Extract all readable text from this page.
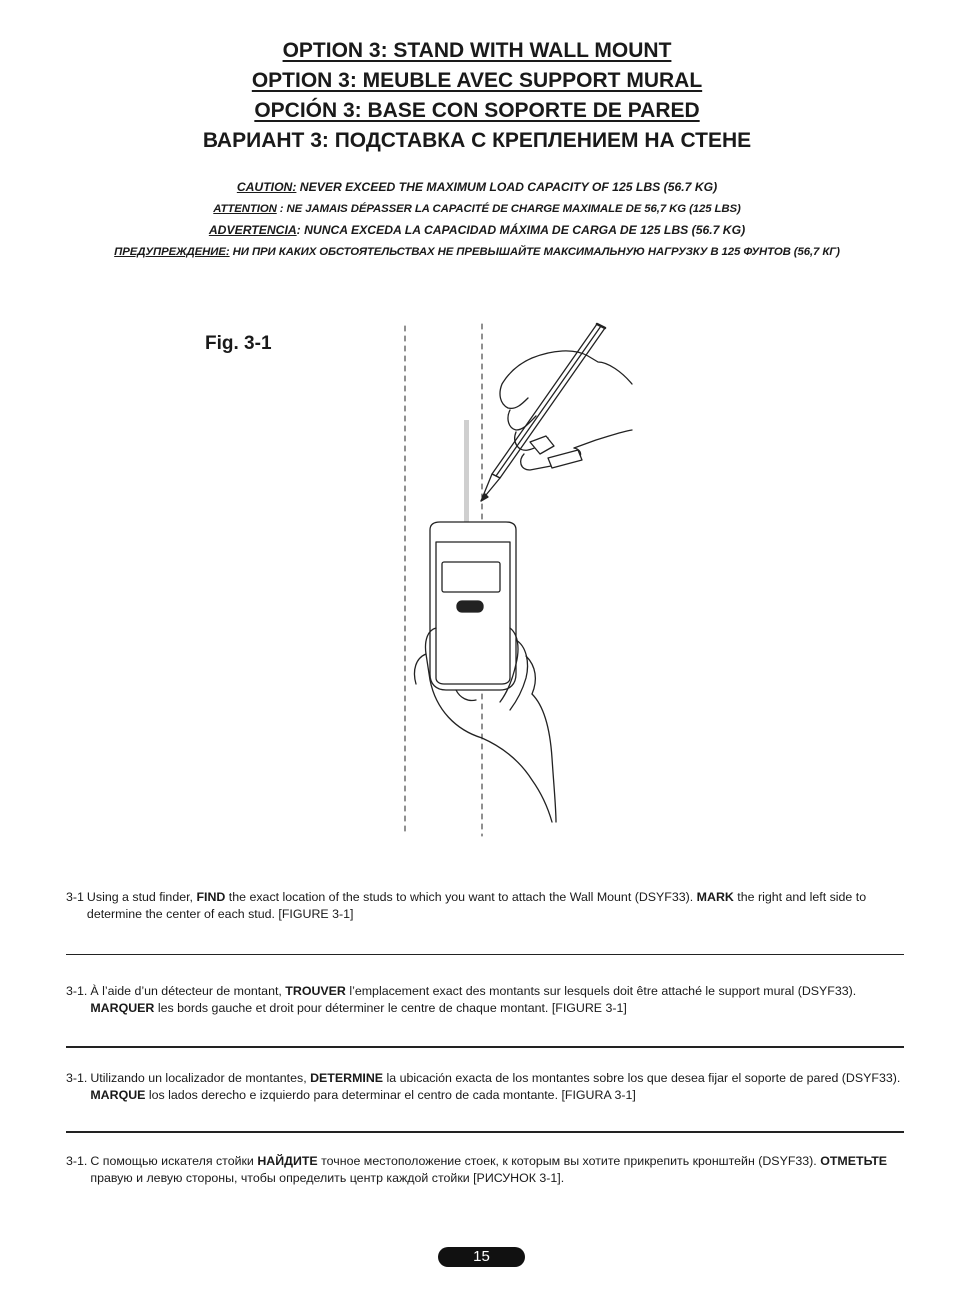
OPTION 3: STAND WITH WALL MOUNT
OPTION 3: MEUBLE AVEC SUPPORT MURAL
OPCIÓN 3: BASE CON SOPORTE DE PARED
ВАРИАНТ 3: ПОДСТАВКА С КРЕПЛЕНИЕМ НА СТЕНЕ
CAUTION: NEVER EXCEED THE MAXIMUM LOAD CAPACITY OF 125 LBS (56.7 KG)
ATTENTION : NE JAMAIS DÉPASSER LA CAPACITÉ DE CHARGE MAXIMALE DE 56,7 KG (125 LBS)
ADVERTENCIA: NUNCA EXCEDA LA CAPACIDAD MÁXIMA DE CARGA DE 125 LBS (56.7 KG)
ПРЕДУПРЕЖДЕНИЕ: НИ ПРИ КАКИХ ОБСТОЯТЕЛЬСТВАХ НЕ ПРЕВЫШАЙТЕ МАКСИМАЛЬНУЮ НАГРУЗКУ В 125 ФУНТОВ (56,7 КГ)
Fig. 3-1
3-1 Using a stud finder, FIND the exact location of the studs to which you want to attach the Wall Mount (DSYF33). MARK the right and left side to determine the center of each stud. [FIGURE 3-1]
3-1. À l’aide d’un détecteur de montant, TROUVER l’emplacement exact des montants sur lesquels doit être attaché le support mural (DSYF33). MARQUER les bords gauche et droit pour déterminer le centre de chaque montant. [FIGURE 3-1]
3-1. Utilizando un localizador de montantes, DETERMINE la ubicación exacta de los montantes sobre los que desea fijar el soporte de pared (DSYF33). MARQUE los lados derecho e izquierdo para determinar el centro de cada montante. [FIGURA 3-1]
3-1. С помощью искателя стойки НАЙДИТЕ точное местоположение стоек, к которым вы хотите прикрепить кронштейн (DSYF33). ОТМЕТЬТЕ правую и левую стороны, чтобы определить центр каждой стойки [РИСУНОК 3-1].
15
